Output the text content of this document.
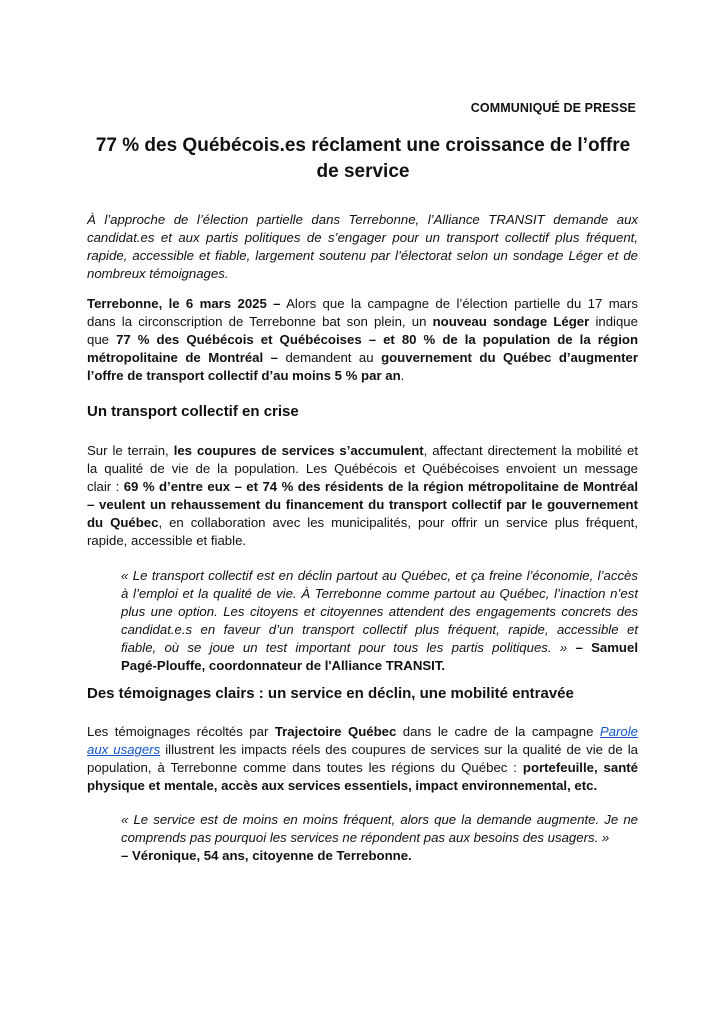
COMMUNIQUÉ DE PRESSE
77 % des Québécois.es réclament une croissance de l’offre
de service
À l’approche de l’élection partielle dans Terrebonne, l’Alliance TRANSIT demande aux
candidat.es et aux partis politiques de s’engager pour un transport collectif plus fréquent,
rapide, accessible et fiable, largement soutenu par l’électorat selon un sondage Léger et de
nombreux témoignages.
Terrebonne, le 6 mars 2025 – Alors que la campagne de l’élection partielle du 17 mars
dans la circonscription de Terrebonne bat son plein, un nouveau sondage Léger indique
que 77 % des Québécois et Québécoises – et 80 % de la population de la région
métropolitaine de Montréal – demandent au gouvernement du Québec d’augmenter
l’offre de transport collectif d’au moins 5 % par an.
Un transport collectif en crise
Sur le terrain, les coupures de services s’accumulent, affectant directement la mobilité et
la qualité de vie de la population. Les Québécois et Québécoises envoient un message
clair : 69 % d’entre eux – et 74 % des résidents de la région métropolitaine de Montréal
– veulent un rehaussement du financement du transport collectif par le gouvernement
du Québec, en collaboration avec les municipalités, pour offrir un service plus fréquent,
rapide, accessible et fiable.
« Le transport collectif est en déclin partout au Québec, et ça freine l’économie, l’accès
à l’emploi et la qualité de vie. À Terrebonne comme partout au Québec, l’inaction n’est
plus une option. Les citoyens et citoyennes attendent des engagements concrets des
candidat.e.s en faveur d’un transport collectif plus fréquent, rapide, accessible et
fiable, où se joue un test important pour tous les partis politiques. » – Samuel
Pagé-Plouffe, coordonnateur de l'Alliance TRANSIT.
Des témoignages clairs : un service en déclin, une mobilité entravée
Les témoignages récoltés par Trajectoire Québec dans le cadre de la campagne Parole
aux usagers illustrent les impacts réels des coupures de services sur la qualité de vie de la
population, à Terrebonne comme dans toutes les régions du Québec : portefeuille, santé
physique et mentale, accès aux services essentiels, impact environnemental, etc.
« Le service est de moins en moins fréquent, alors que la demande augmente. Je ne
comprends pas pourquoi les services ne répondent pas aux besoins des usagers. »
– Véronique, 54 ans, citoyenne de Terrebonne.
